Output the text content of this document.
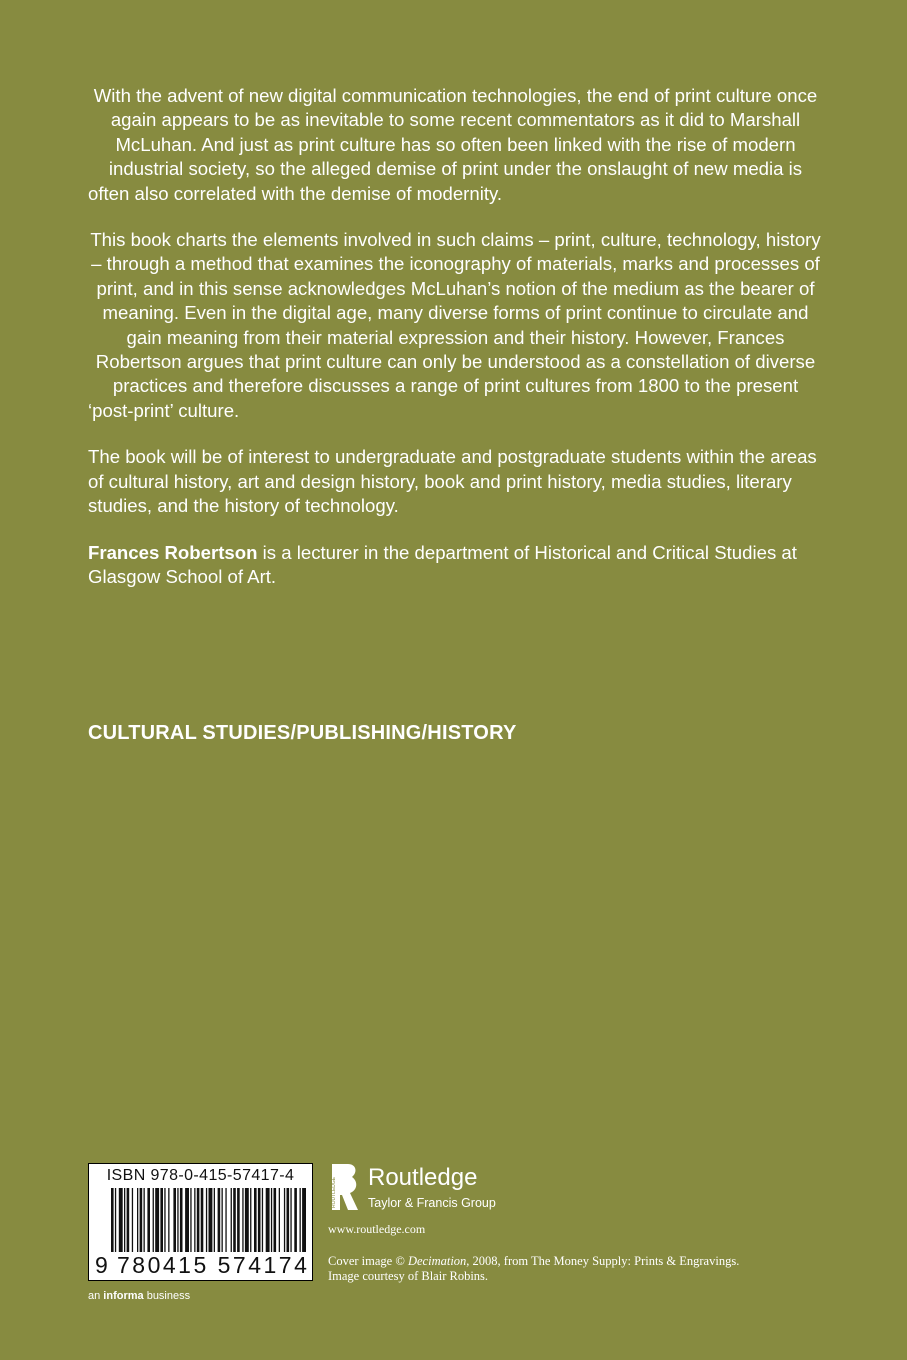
With the advent of new digital communication technologies, the end of print culture once again appears to be as inevitable to some recent commentators as it did to Marshall McLuhan. And just as print culture has so often been linked with the rise of modern industrial society, so the alleged demise of print under the onslaught of new media is often also correlated with the demise of modernity.

This book charts the elements involved in such claims – print, culture, technology, history – through a method that examines the iconography of materials, marks and processes of print, and in this sense acknowledges McLuhan’s notion of the medium as the bearer of meaning. Even in the digital age, many diverse forms of print continue to circulate and gain meaning from their material expression and their history. However, Frances Robertson argues that print culture can only be understood as a constellation of diverse practices and therefore discusses a range of print cultures from 1800 to the present ‘post-print’ culture.

The book will be of interest to undergraduate and postgraduate students within the areas of cultural history, art and design history, book and print history, media studies, literary studies, and the history of technology.

Frances Robertson is a lecturer in the department of Historical and Critical Studies at Glasgow School of Art.

CULTURAL STUDIES/PUBLISHING/HISTORY
ISBN 978-0-415-57417-4
9 780415 574174
ROUTLEDGE Routledge
Taylor & Francis Group
www.routledge.com
Cover image © Decimation, 2008, from The Money Supply: Prints & Engravings. Image courtesy of Blair Robins.
an informa business
